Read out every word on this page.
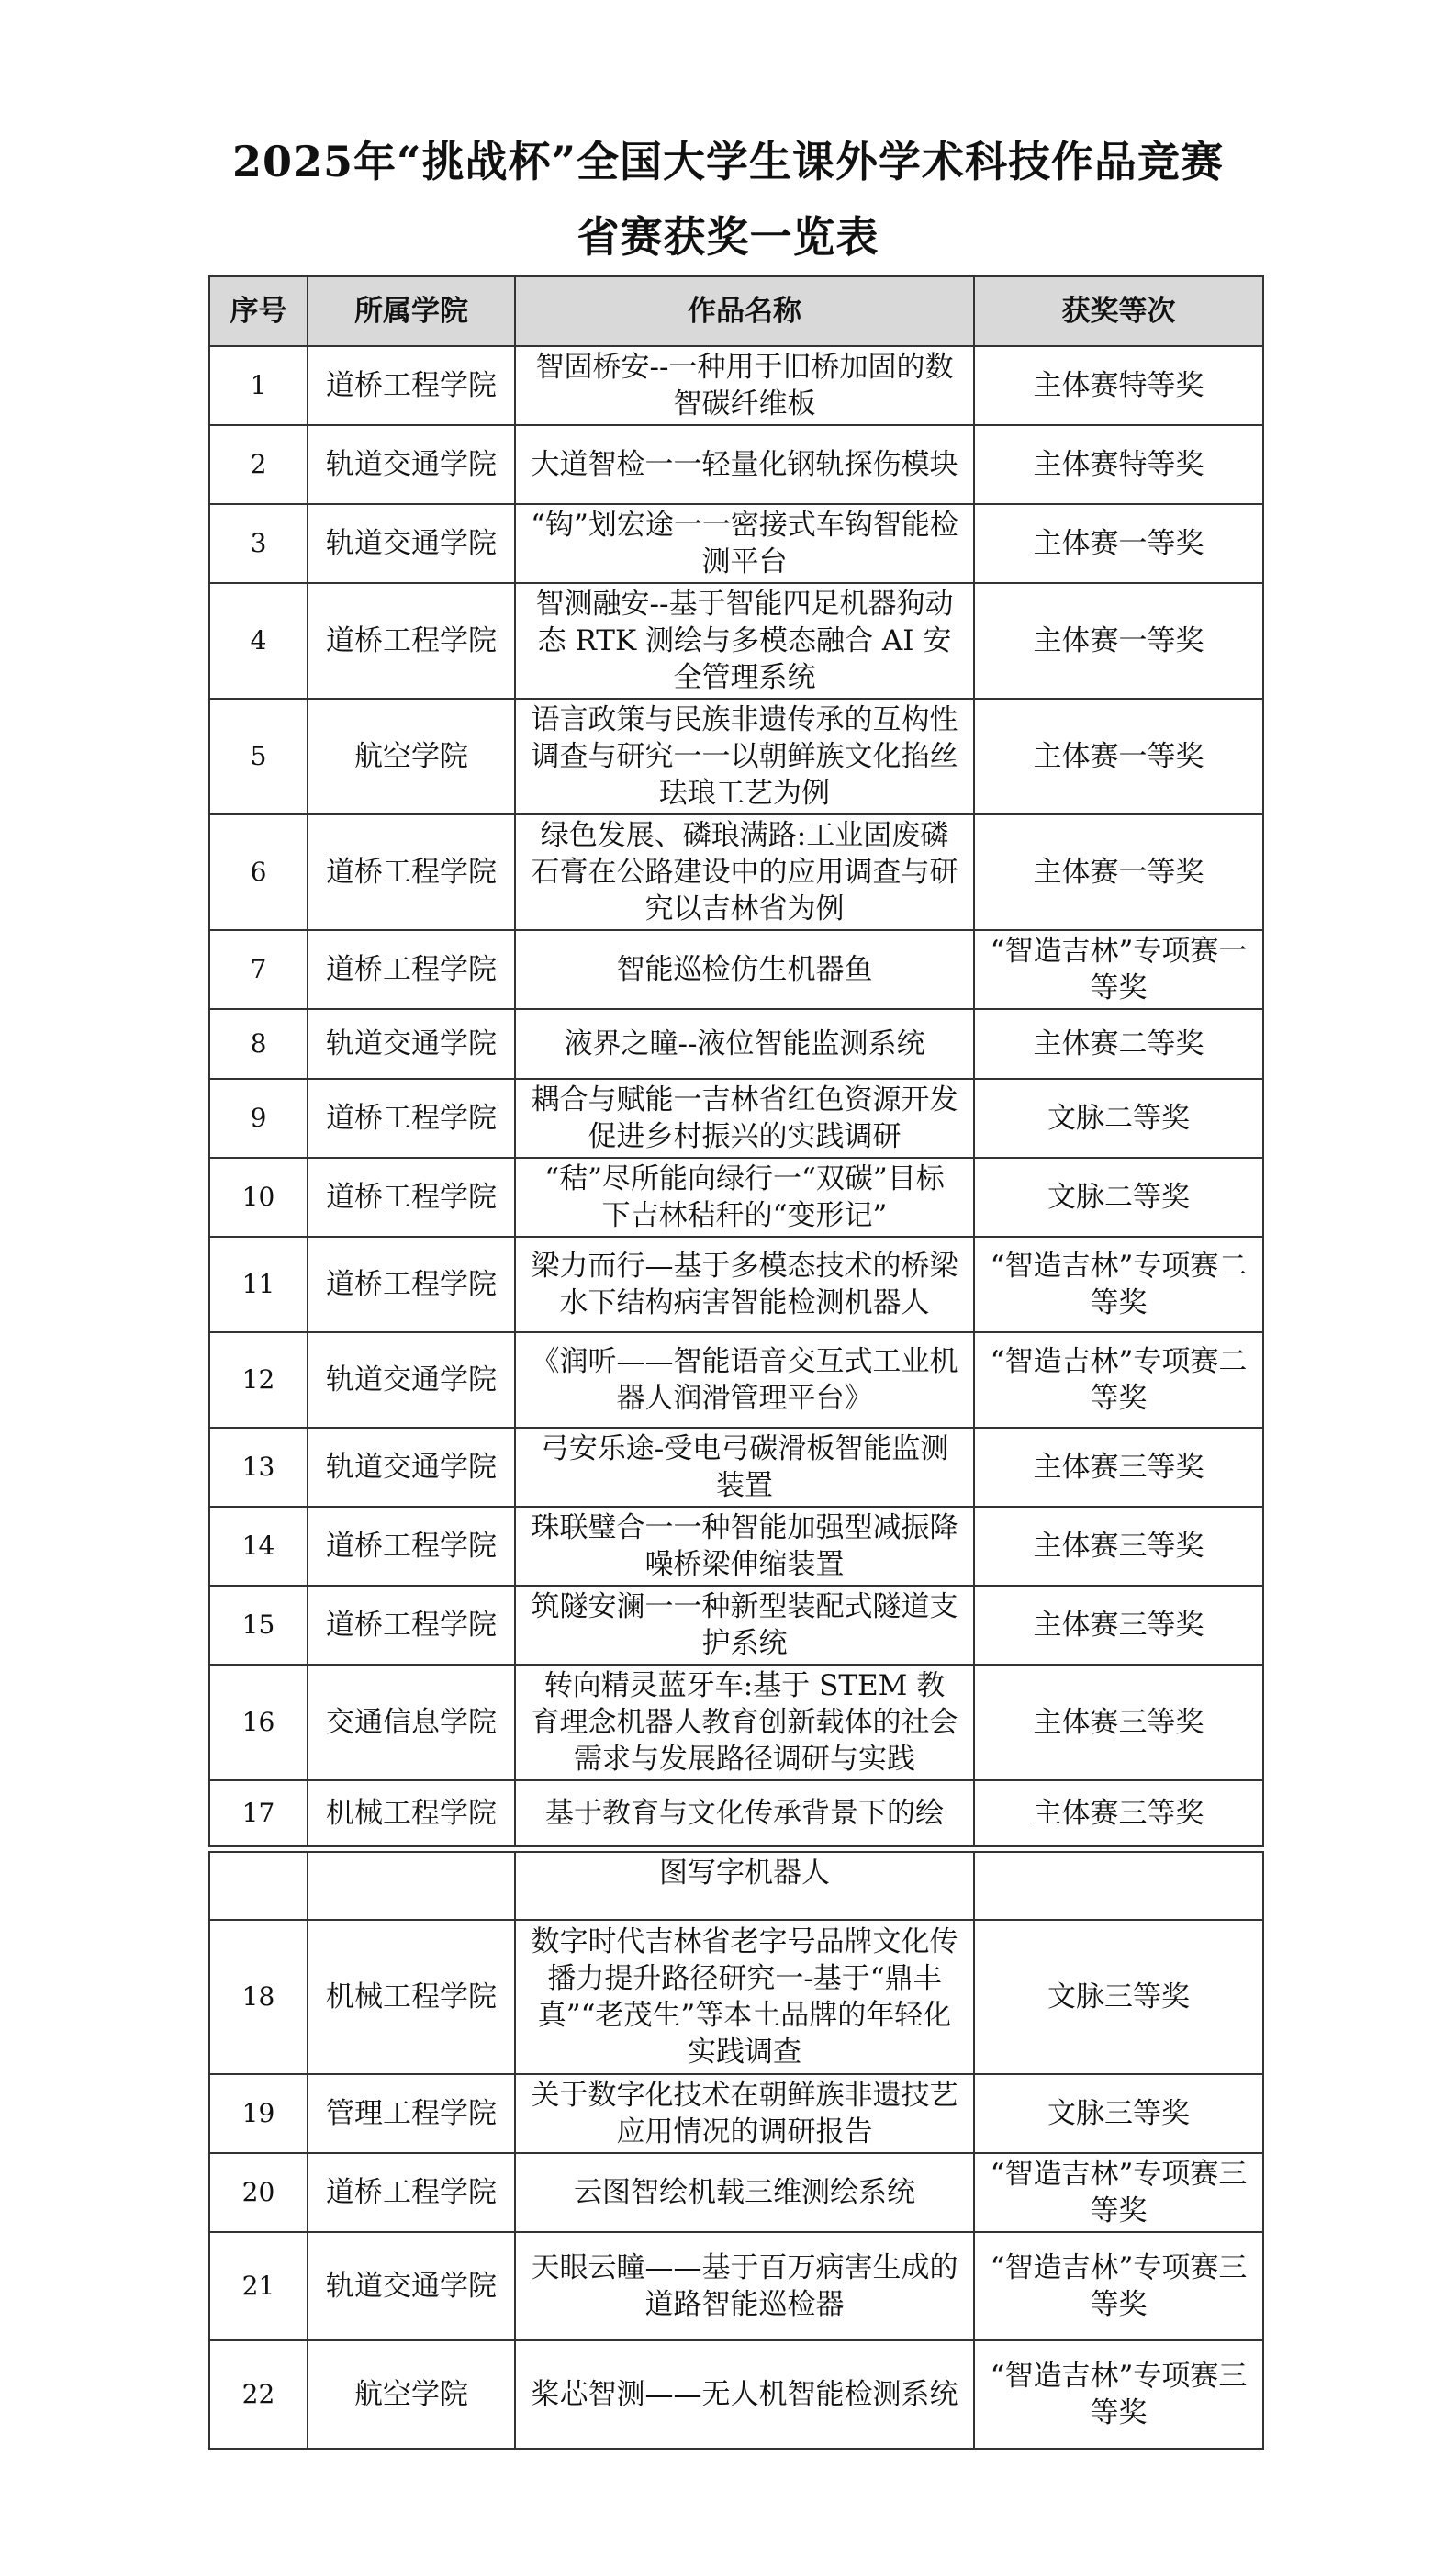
2025年“挑战杯”全国大学生课外学术科技作品竞赛
省赛获奖一览表
序号	所属学院	作品名称	获奖等次
1	道桥工程学院	智固桥安--一种用于旧桥加固的数智碳纤维板	主体赛特等奖
2	轨道交通学院	大道智检一一轻量化钢轨探伤模块	主体赛特等奖
3	轨道交通学院	“钩”划宏途一一密接式车钩智能检测平台	主体赛一等奖
4	道桥工程学院	智测融安--基于智能四足机器狗动态 RTK 测绘与多模态融合 AI 安全管理系统	主体赛一等奖
5	航空学院	语言政策与民族非遗传承的互构性调查与研究一一以朝鲜族文化掐丝珐琅工艺为例	主体赛一等奖
6	道桥工程学院	绿色发展、磷琅满路:工业固废磷石膏在公路建设中的应用调查与研究以吉林省为例	主体赛一等奖
7	道桥工程学院	智能巡检仿生机器鱼	“智造吉林”专项赛一等奖
8	轨道交通学院	液界之瞳--液位智能监测系统	主体赛二等奖
9	道桥工程学院	耦合与赋能一吉林省红色资源开发促进乡村振兴的实践调研	文脉二等奖
10	道桥工程学院	“秸”尽所能向绿行一“双碳”目标下吉林秸秆的“变形记”	文脉二等奖
11	道桥工程学院	梁力而行—基于多模态技术的桥梁水下结构病害智能检测机器人	“智造吉林”专项赛二等奖
12	轨道交通学院	《润听——智能语音交互式工业机器人润滑管理平台》	“智造吉林”专项赛二等奖
13	轨道交通学院	弓安乐途-受电弓碳滑板智能监测装置	主体赛三等奖
14	道桥工程学院	珠联璧合一一种智能加强型减振降噪桥梁伸缩装置	主体赛三等奖
15	道桥工程学院	筑隧安澜一一种新型装配式隧道支护系统	主体赛三等奖
16	交通信息学院	转向精灵蓝牙车:基于 STEM 教育理念机器人教育创新载体的社会需求与发展路径调研与实践	主体赛三等奖
17	机械工程学院	基于教育与文化传承背景下的绘	主体赛三等奖
		图写字机器人	
18	机械工程学院	数字时代吉林省老字号品牌文化传播力提升路径研究一-基于“鼎丰真”“老茂生”等本土品牌的年轻化实践调查	文脉三等奖
19	管理工程学院	关于数字化技术在朝鲜族非遗技艺应用情况的调研报告	文脉三等奖
20	道桥工程学院	云图智绘机载三维测绘系统	“智造吉林”专项赛三等奖
21	轨道交通学院	天眼云瞳——基于百万病害生成的道路智能巡检器	“智造吉林”专项赛三等奖
22	航空学院	桨芯智测——无人机智能检测系统	“智造吉林”专项赛三等奖
